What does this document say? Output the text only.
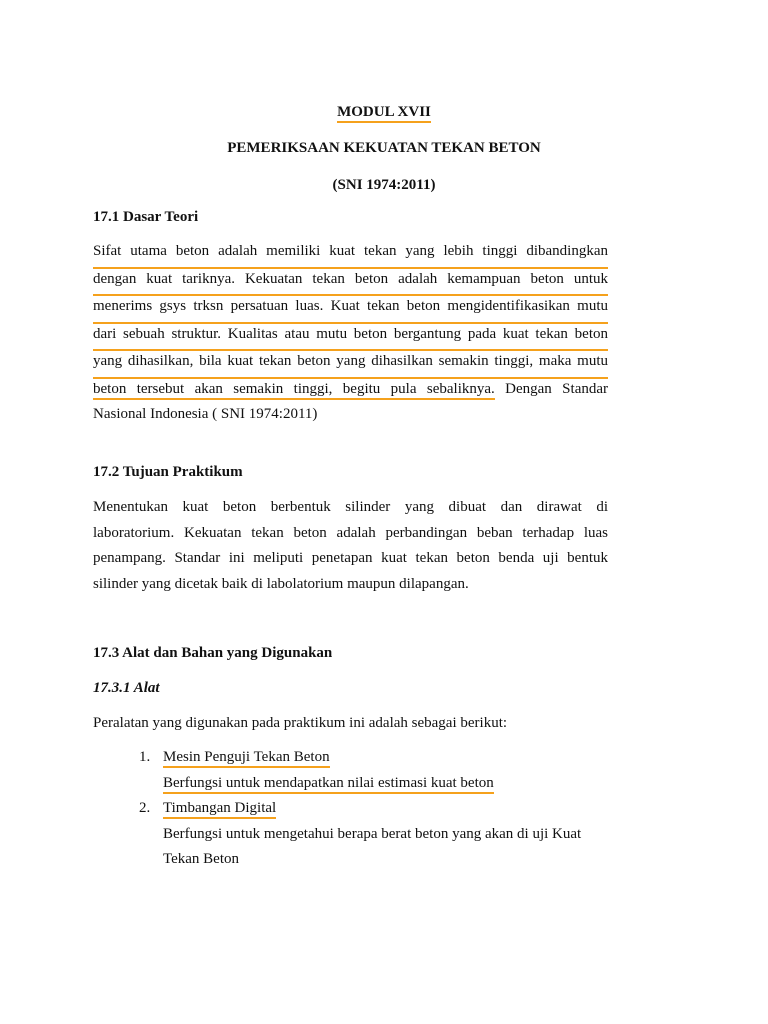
MODUL XVII
PEMERIKSAAN KEKUATAN TEKAN BETON
(SNI 1974:2011)
17.1 Dasar Teori
Sifat utama beton adalah memiliki kuat tekan yang lebih tinggi dibandingkan
dengan kuat tariknya. Kekuatan tekan beton adalah kemampuan beton untuk
menerims gsys trksn persatuan luas. Kuat tekan beton mengidentifikasikan mutu
dari sebuah struktur. Kualitas atau mutu beton bergantung pada kuat tekan beton
yang dihasilkan, bila kuat tekan beton yang dihasilkan semakin tinggi, maka mutu
beton tersebut akan semakin tinggi, begitu pula sebaliknya. Dengan Standar
Nasional Indonesia ( SNI 1974:2011)
17.2 Tujuan Praktikum
Menentukan kuat beton berbentuk silinder yang dibuat dan dirawat di
laboratorium. Kekuatan tekan beton adalah perbandingan beban terhadap luas
penampang. Standar ini meliputi penetapan kuat tekan beton benda uji bentuk
silinder yang dicetak baik di labolatorium maupun dilapangan.
17.3 Alat dan Bahan yang Digunakan
17.3.1 Alat
Peralatan yang digunakan pada praktikum ini adalah sebagai berikut:
1. Mesin Penguji Tekan Beton
Berfungsi untuk mendapatkan nilai estimasi kuat beton
2. Timbangan Digital
Berfungsi untuk mengetahui berapa berat beton yang akan di uji Kuat
Tekan Beton
